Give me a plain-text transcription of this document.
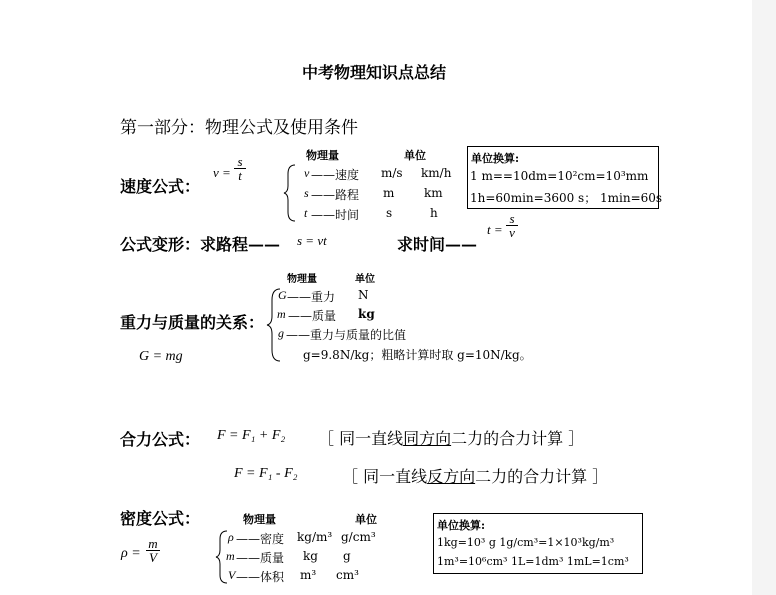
中考物理知识点总结
第一部分：物理公式及使用条件
速度公式：
$v = \frac{s}{t}$	物理量	单位
v ——速度 m/s km/h
s ——路程 m km
t ——时间 s	h
单位换算:
1 m==10dm=10²cm=10³mm
1h=60min=3600 s； 1min=60s
公式变形：求路程—— s = vt	求时间——
$t = \frac{s}{v}$
物理量	单位
重力与质量的关系：
G ——重力 N
m ——质量 kg
g ——重力与质量的比值
g=9.8N/kg；粗略计算时取 g=10N/kg。
G = mg
合力公式： F = F₁ + F₂ ［ 同一直线同方向二力的合力计算 ］
F = F₁ - F₂	［ 同一直线反方向二力的合力计算 ］
密度公式：	物理量	单位
$\rho = \frac{m}{V}$	ρ ——密度 kg/m³ g/cm³
m ——质量 kg g
V ——体积 m³ cm³
单位换算:
1kg=10³ g 1g/cm³=1×10³kg/m³
1m³=10⁶cm³ 1L=1dm³ 1mL=1cm³
